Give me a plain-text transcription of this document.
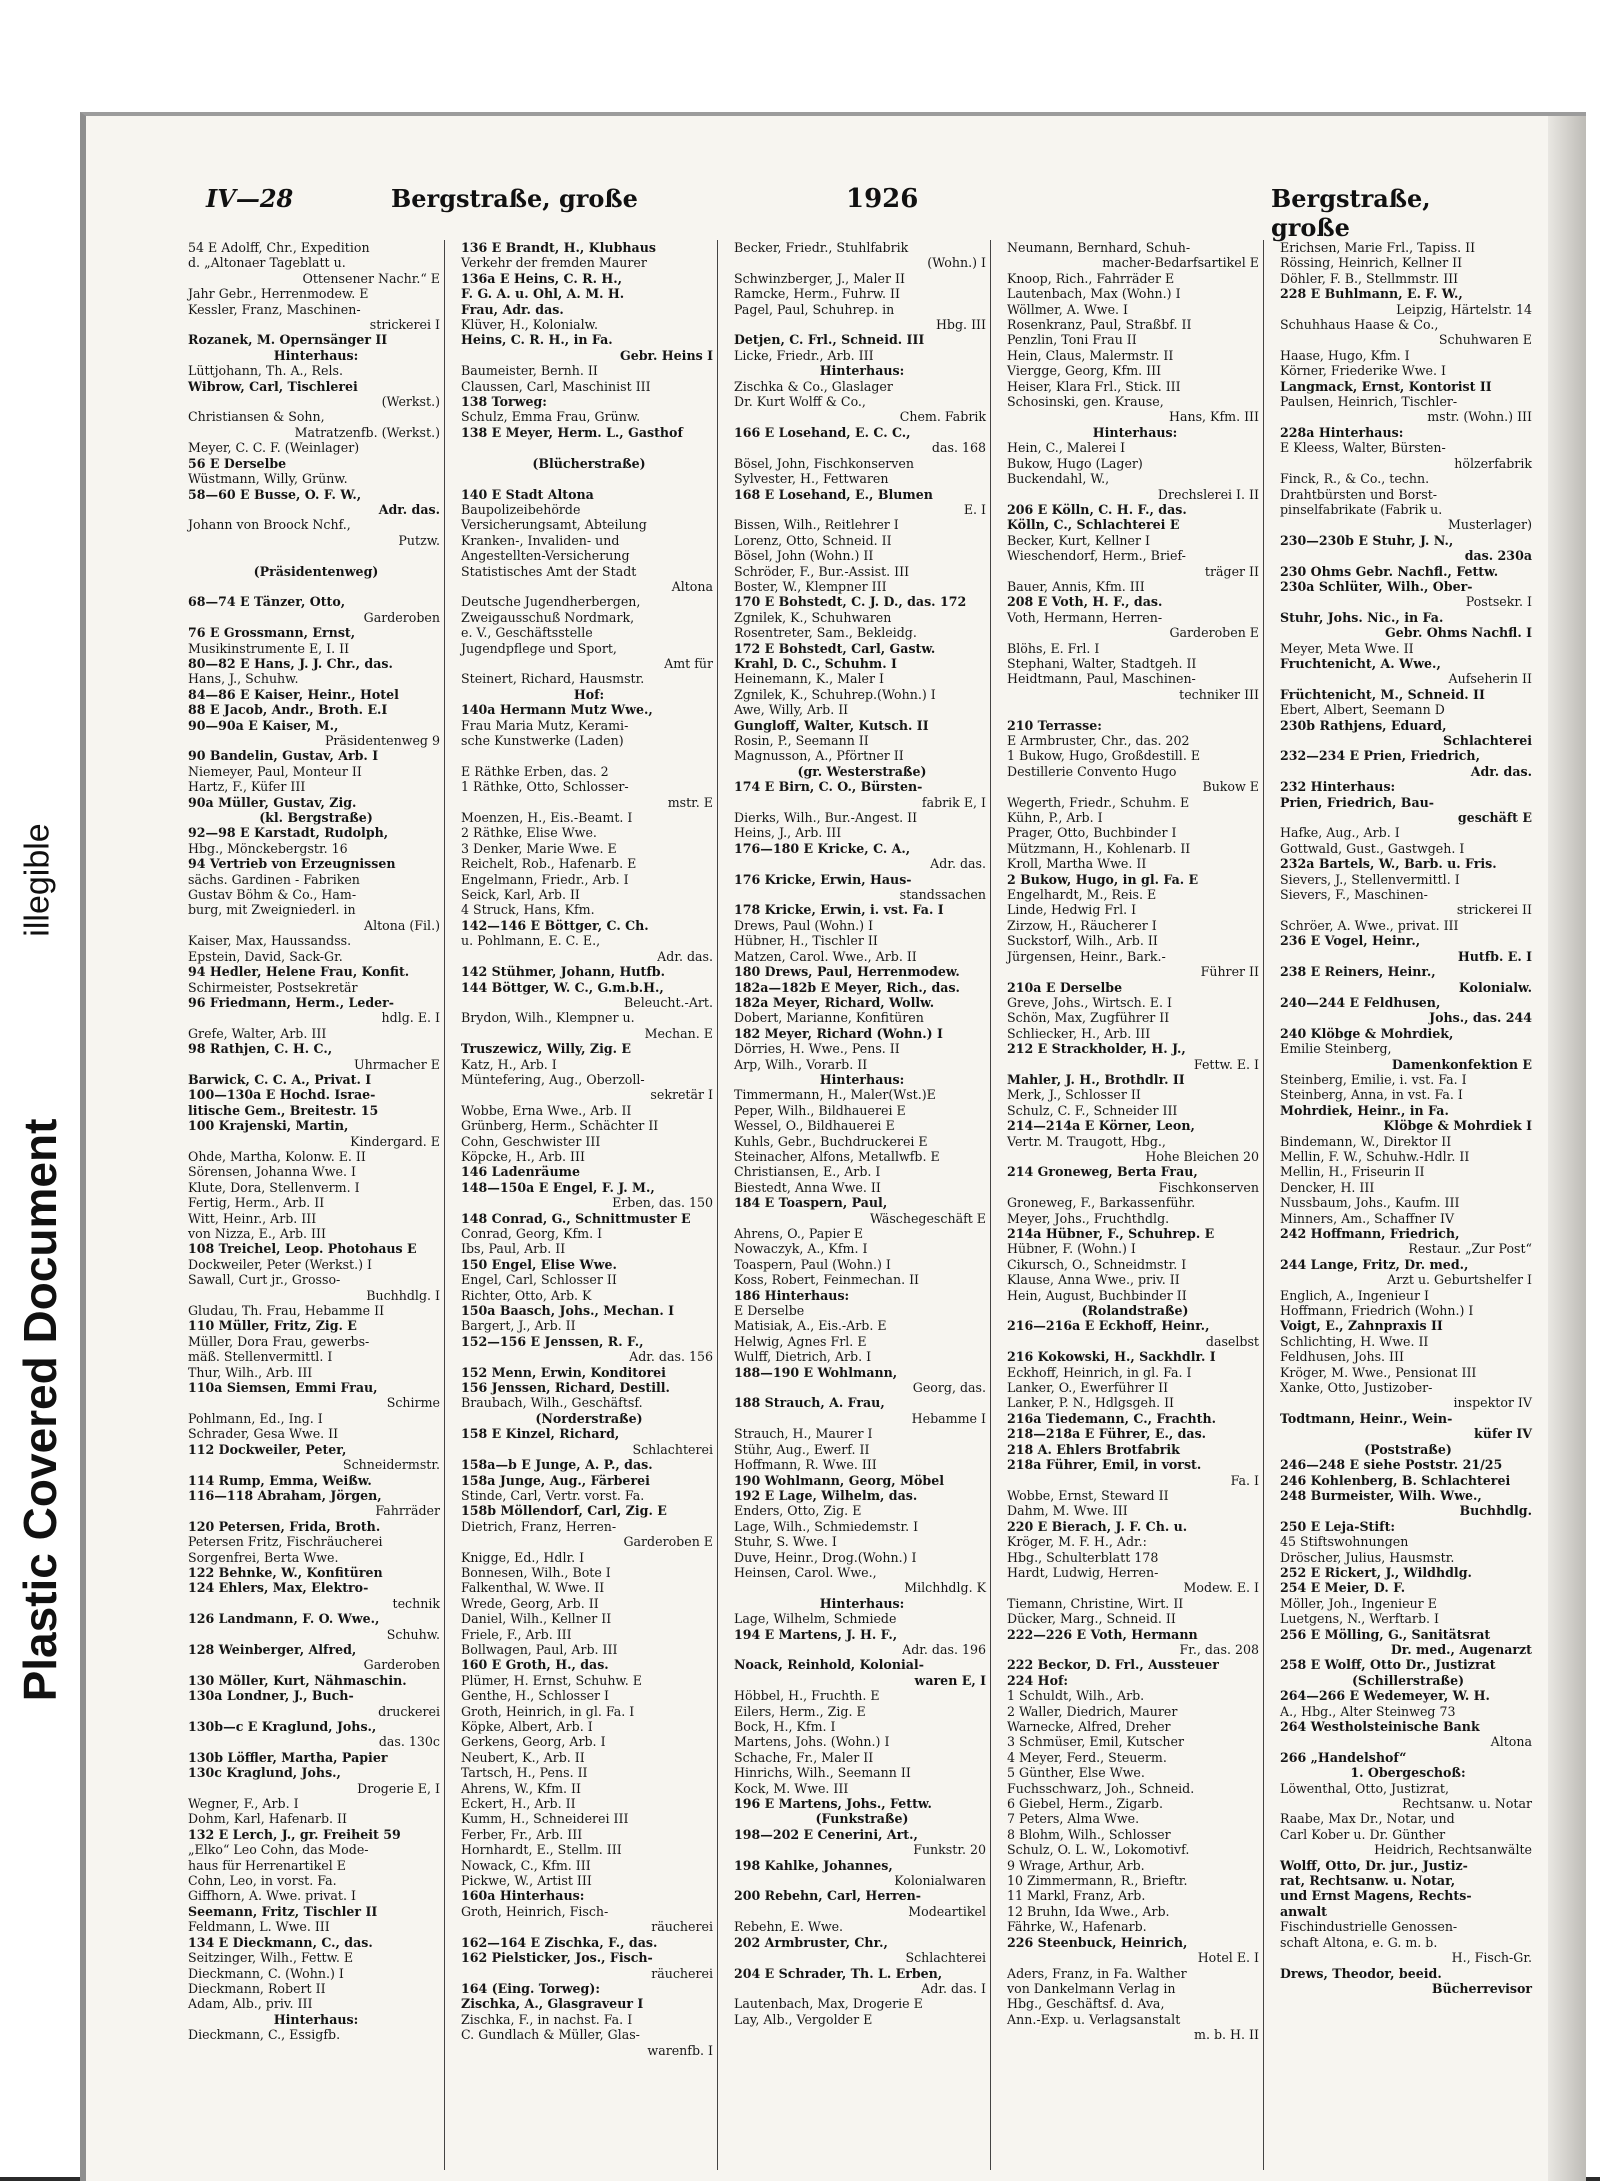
Plastic Covered Document
illegible
IV—28	Bergstraße, große	1926	Bergstraße, große
54 E Adolff, Chr., Expedition
d. „Altonaer Tageblatt u.
Ottensener Nachr.“ E
Jahr Gebr., Herrenmodew. E
Kessler, Franz, Maschinen-
strickerei I
Rozanek, M. Opernsänger II
Hinterhaus:
Lüttjohann, Th. A., Rels.
Wibrow, Carl, Tischlerei
(Werkst.)
Christiansen & Sohn,
Matratzenfb. (Werkst.)
Meyer, C. C. F. (Weinlager)
56 E Derselbe
Wüstmann, Willy, Grünw.
58—60 E Busse, O. F. W.,
Adr. das.
Johann von Broock Nchf.,
Putzw.

(Präsidentenweg)

68—74 E Tänzer, Otto,
Garderoben
76 E Grossmann, Ernst,
Musikinstrumente E, I. II
80—82 E Hans, J. J. Chr., das.
Hans, J., Schuhw.
84—86 E Kaiser, Heinr., Hotel
88 E Jacob, Andr., Broth. E.I
90—90a E Kaiser, M.,
Präsidentenweg 9
90 Bandelin, Gustav, Arb. I
Niemeyer, Paul, Monteur II
Hartz, F., Küfer III
90a Müller, Gustav, Zig.
(kl. Bergstraße)
92—98 E Karstadt, Rudolph,
Hbg., Mönckebergstr. 16
94 Vertrieb von Erzeugnissen
sächs. Gardinen - Fabriken
Gustav Böhm & Co., Ham-
burg, mit Zweigniederl. in
Altona (Fil.)
Kaiser, Max, Haussandss.
Epstein, David, Sack-Gr.
94 Hedler, Helene Frau, Konfit.
Schirmeister, Postsekretär
96 Friedmann, Herm., Leder-
hdlg. E. I
Grefe, Walter, Arb. III
98 Rathjen, C. H. C.,
Uhrmacher E
Barwick, C. C. A., Privat. I
100—130a E Hochd. Israe-
litische Gem., Breitestr. 15
100 Krajenski, Martin,
Kindergard. E
Ohde, Martha, Kolonw. E. II
Sörensen, Johanna Wwe. I
Klute, Dora, Stellenverm. I
Fertig, Herm., Arb. II
Witt, Heinr., Arb. III
von Nizza, E., Arb. III
108 Treichel, Leop. Photohaus E
Dockweiler, Peter (Werkst.) I
Sawall, Curt jr., Grosso-
Buchhdlg. I
Gludau, Th. Frau, Hebamme II
110 Müller, Fritz, Zig. E
Müller, Dora Frau, gewerbs-
mäß. Stellenvermittl. I
Thur, Wilh., Arb. III
110a Siemsen, Emmi Frau,
Schirme
Pohlmann, Ed., Ing. I
Schrader, Gesa Wwe. II
112 Dockweiler, Peter,
Schneidermstr.
114 Rump, Emma, Weißw.
116—118 Abraham, Jörgen,
Fahrräder
120 Petersen, Frida, Broth.
Petersen Fritz, Fischräucherei
Sorgenfrei, Berta Wwe.
122 Behnke, W., Konfitüren
124 Ehlers, Max, Elektro-
technik
126 Landmann, F. O. Wwe.,
Schuhw.
128 Weinberger, Alfred,
Garderoben
130 Möller, Kurt, Nähmaschin.
130a Londner, J., Buch-
druckerei
130b—c E Kraglund, Johs.,
das. 130c
130b Löffler, Martha, Papier
130c Kraglund, Johs.,
Drogerie E, I
Wegner, F., Arb. I
Dohm, Karl, Hafenarb. II
132 E Lerch, J., gr. Freiheit 59
„Elko“ Leo Cohn, das Mode-
haus für Herrenartikel E
Cohn, Leo, in vorst. Fa.
Giffhorn, A. Wwe. privat. I
Seemann, Fritz, Tischler II
Feldmann, L. Wwe. III
134 E Dieckmann, C., das.
Seitzinger, Wilh., Fettw. E
Dieckmann, C. (Wohn.) I
Dieckmann, Robert II
Adam, Alb., priv. III
Hinterhaus:
Dieckmann, C., Essigfb.
136 E Brandt, H., Klubhaus
Verkehr der fremden Maurer
136a E Heins, C. R. H.,
F. G. A. u. Ohl, A. M. H.
Frau, Adr. das.
Klüver, H., Kolonialw.
Heins, C. R. H., in Fa.
Gebr. Heins I
Baumeister, Bernh. II
Claussen, Carl, Maschinist III
138 Torweg:
Schulz, Emma Frau, Grünw.
138 E Meyer, Herm. L., Gasthof

(Blücherstraße)

140 E Stadt Altona
Baupolizeibehörde
Versicherungsamt, Abteilung
Kranken-, Invaliden- und
Angestellten-Versicherung
Statistisches Amt der Stadt
Altona
Deutsche Jugendherbergen,
Zweigausschuß Nordmark,
e. V., Geschäftsstelle
Jugendpflege und Sport,
Amt für
Steinert, Richard, Hausmstr.
Hof:
140a Hermann Mutz Wwe.,
Frau Maria Mutz, Kerami-
sche Kunstwerke (Laden)

E Räthke Erben, das. 2
1 Räthke, Otto, Schlosser-
mstr. E
Moenzen, H., Eis.-Beamt. I
2 Räthke, Elise Wwe.
3 Denker, Marie Wwe. E
Reichelt, Rob., Hafenarb. E
Engelmann, Friedr., Arb. I
Seick, Karl, Arb. II
4 Struck, Hans, Kfm.
142—146 E Böttger, C. Ch.
u. Pohlmann, E. C. E.,
Adr. das.
142 Stühmer, Johann, Hutfb.
144 Böttger, W. C., G.m.b.H.,
Beleucht.-Art.
Brydon, Wilh., Klempner u.
Mechan. E
Truszewicz, Willy, Zig. E
Katz, H., Arb. I
Müntefering, Aug., Oberzoll-
sekretär I
Wobbe, Erna Wwe., Arb. II
Grünberg, Herm., Schächter II
Cohn, Geschwister III
Köpcke, H., Arb. III
146 Ladenräume
148—150a E Engel, F. J. M.,
Erben, das. 150
148 Conrad, G., Schnittmuster E
Conrad, Georg, Kfm. I
Ibs, Paul, Arb. II
150 Engel, Elise Wwe.
Engel, Carl, Schlosser II
Richter, Otto, Arb. K
150a Baasch, Johs., Mechan. I
Bargert, J., Arb. II
152—156 E Jenssen, R. F.,
Adr. das. 156
152 Menn, Erwin, Konditorei
156 Jenssen, Richard, Destill.
Braubach, Wilh., Geschäftsf.
(Norderstraße)
158 E Kinzel, Richard,
Schlachterei
158a—b E Junge, A. P., das.
158a Junge, Aug., Färberei
Stinde, Carl, Vertr. vorst. Fa.
158b Möllendorf, Carl, Zig. E
Dietrich, Franz, Herren-
Garderoben E
Knigge, Ed., Hdlr. I
Bonnesen, Wilh., Bote I
Falkenthal, W. Wwe. II
Wrede, Georg, Arb. II
Daniel, Wilh., Kellner II
Friele, F., Arb. III
Bollwagen, Paul, Arb. III
160 E Groth, H., das.
Plümer, H. Ernst, Schuhw. E
Genthe, H., Schlosser I
Groth, Heinrich, in gl. Fa. I
Köpke, Albert, Arb. I
Gerkens, Georg, Arb. I
Neubert, K., Arb. II
Tartsch, H., Pens. II
Ahrens, W., Kfm. II
Eckert, H., Arb. II
Kumm, H., Schneiderei III
Ferber, Fr., Arb. III
Hornhardt, E., Stellm. III
Nowack, C., Kfm. III
Pickwe, W., Artist III
160a Hinterhaus:
Groth, Heinrich, Fisch-
räucherei
162—164 E Zischka, F., das.
162 Pielsticker, Jos., Fisch-
räucherei
164 (Eing. Torweg):
Zischka, A., Glasgraveur I
Zischka, F., in nachst. Fa. I
C. Gundlach & Müller, Glas-
warenfb. I
Becker, Friedr., Stuhlfabrik
(Wohn.) I
Schwinzberger, J., Maler II
Ramcke, Herm., Fuhrw. II
Pagel, Paul, Schuhrep. in
Hbg. III
Detjen, C. Frl., Schneid. III
Licke, Friedr., Arb. III
Hinterhaus:
Zischka & Co., Glaslager
Dr. Kurt Wolff & Co.,
Chem. Fabrik
166 E Losehand, E. C. C.,
das. 168
Bösel, John, Fischkonserven
Sylvester, H., Fettwaren
168 E Losehand, E., Blumen
E. I
Bissen, Wilh., Reitlehrer I
Lorenz, Otto, Schneid. II
Bösel, John (Wohn.) II
Schröder, F., Bur.-Assist. III
Boster, W., Klempner III
170 E Bohstedt, C. J. D., das. 172
Zgnilek, K., Schuhwaren
Rosentreter, Sam., Bekleidg.
172 E Bohstedt, Carl, Gastw.
Krahl, D. C., Schuhm. I
Heinemann, K., Maler I
Zgnilek, K., Schuhrep.(Wohn.) I
Awe, Willy, Arb. II
Gungloff, Walter, Kutsch. II
Rosin, P., Seemann II
Magnusson, A., Pförtner II
(gr. Westerstraße)
174 E Birn, C. O., Bürsten-
fabrik E, I
Dierks, Wilh., Bur.-Angest. II
Heins, J., Arb. III
176—180 E Kricke, C. A.,
Adr. das.
176 Kricke, Erwin, Haus-
standssachen
178 Kricke, Erwin, i. vst. Fa. I
Drews, Paul (Wohn.) I
Hübner, H., Tischler II
Matzen, Carol. Wwe., Arb. II
180 Drews, Paul, Herrenmodew.
182a—182b E Meyer, Rich., das.
182a Meyer, Richard, Wollw.
Dobert, Marianne, Konfitüren
182 Meyer, Richard (Wohn.) I
Dörries, H. Wwe., Pens. II
Arp, Wilh., Vorarb. II
Hinterhaus:
Timmermann, H., Maler(Wst.)E
Peper, Wilh., Bildhauerei E
Wessel, O., Bildhauerei E
Kuhls, Gebr., Buchdruckerei E
Steinacher, Alfons, Metallwfb. E
Christiansen, E., Arb. I
Biestedt, Anna Wwe. II
184 E Toaspern, Paul,
Wäschegeschäft E
Ahrens, O., Papier E
Nowaczyk, A., Kfm. I
Toaspern, Paul (Wohn.) I
Koss, Robert, Feinmechan. II
186 Hinterhaus:
E Derselbe
Matisiak, A., Eis.-Arb. E
Helwig, Agnes Frl. E
Wulff, Dietrich, Arb. I
188—190 E Wohlmann,
Georg, das.
188 Strauch, A. Frau,
Hebamme I
Strauch, H., Maurer I
Stühr, Aug., Ewerf. II
Hoffmann, R. Wwe. III
190 Wohlmann, Georg, Möbel
192 E Lage, Wilhelm, das.
Enders, Otto, Zig. E
Lage, Wilh., Schmiedemstr. I
Stuhr, S. Wwe. I
Duve, Heinr., Drog.(Wohn.) I
Heinsen, Carol. Wwe.,
Milchhdlg. K
Hinterhaus:
Lage, Wilhelm, Schmiede
194 E Martens, J. H. F.,
Adr. das. 196
Noack, Reinhold, Kolonial-
waren E, I
Höbbel, H., Fruchth. E
Eilers, Herm., Zig. E
Bock, H., Kfm. I
Martens, Johs. (Wohn.) I
Schache, Fr., Maler II
Hinrichs, Wilh., Seemann II
Kock, M. Wwe. III
196 E Martens, Johs., Fettw.
(Funkstraße)
198—202 E Cenerini, Art.,
Funkstr. 20
198 Kahlke, Johannes,
Kolonialwaren
200 Rebehn, Carl, Herren-
Modeartikel
Rebehn, E. Wwe.
202 Armbruster, Chr.,
Schlachterei
204 E Schrader, Th. L. Erben,
Adr. das. I
Lautenbach, Max, Drogerie E
Lay, Alb., Vergolder E
Neumann, Bernhard, Schuh-
macher-Bedarfsartikel E
Knoop, Rich., Fahrräder E
Lautenbach, Max (Wohn.) I
Wöllmer, A. Wwe. I
Rosenkranz, Paul, Straßbf. II
Penzlin, Toni Frau II
Hein, Claus, Malermstr. II
Viergge, Georg, Kfm. III
Heiser, Klara Frl., Stick. III
Schosinski, gen. Krause,
Hans, Kfm. III
Hinterhaus:
Hein, C., Malerei I
Bukow, Hugo (Lager)
Buckendahl, W.,
Drechslerei I. II
206 E Kölln, C. H. F., das.
Kölln, C., Schlachterei E
Becker, Kurt, Kellner I
Wieschendorf, Herm., Brief-
träger II
Bauer, Annis, Kfm. III
208 E Voth, H. F., das.
Voth, Hermann, Herren-
Garderoben E
Blöhs, E. Frl. I
Stephani, Walter, Stadtgeh. II
Heidtmann, Paul, Maschinen-
techniker III

210 Terrasse:
E Armbruster, Chr., das. 202
1 Bukow, Hugo, Großdestill. E
Destillerie Convento Hugo
Bukow E
Wegerth, Friedr., Schuhm. E
Kühn, P., Arb. I
Prager, Otto, Buchbinder I
Mützmann, H., Kohlenarb. II
Kroll, Martha Wwe. II
2 Bukow, Hugo, in gl. Fa. E
Engelhardt, M., Reis. E
Linde, Hedwig Frl. I
Zirzow, H., Räucherer I
Suckstorf, Wilh., Arb. II
Jürgensen, Heinr., Bark.-
Führer II
210a E Derselbe
Greve, Johs., Wirtsch. E. I
Schön, Max, Zugführer II
Schliecker, H., Arb. III
212 E Strackholder, H. J.,
Fettw. E. I
Mahler, J. H., Brothdlr. II
Merk, J., Schlosser II
Schulz, C. F., Schneider III
214—214a E Körner, Leon,
Vertr. M. Traugott, Hbg.,
Hohe Bleichen 20
214 Groneweg, Berta Frau,
Fischkonserven
Groneweg, F., Barkassenführ.
Meyer, Johs., Fruchthdlg.
214a Hübner, F., Schuhrep. E
Hübner, F. (Wohn.) I
Cikursch, O., Schneidmstr. I
Klause, Anna Wwe., priv. II
Hein, August, Buchbinder II
(Rolandstraße)
216—216a E Eckhoff, Heinr.,
daselbst
216 Kokowski, H., Sackhdlr. I
Eckhoff, Heinrich, in gl. Fa. I
Lanker, O., Ewerführer II
Lanker, P. N., Hdlgsgeh. II
216a Tiedemann, C., Frachth.
218—218a E Führer, E., das.
218 A. Ehlers Brotfabrik
218a Führer, Emil, in vorst.
Fa. I
Wobbe, Ernst, Steward II
Dahm, M. Wwe. III
220 E Bierach, J. F. Ch. u.
Kröger, M. F. H., Adr.:
Hbg., Schulterblatt 178
Hardt, Ludwig, Herren-
Modew. E. I
Tiemann, Christine, Wirt. II
Dücker, Marg., Schneid. II
222—226 E Voth, Hermann
Fr., das. 208
222 Beckor, D. Frl., Aussteuer
224 Hof:
1 Schuldt, Wilh., Arb.
2 Waller, Diedrich, Maurer
Warnecke, Alfred, Dreher
3 Schmüser, Emil, Kutscher
4 Meyer, Ferd., Steuerm.
5 Günther, Else Wwe.
Fuchsschwarz, Joh., Schneid.
6 Giebel, Herm., Zigarb.
7 Peters, Alma Wwe.
8 Blohm, Wilh., Schlosser
Schulz, O. L. W., Lokomotivf.
9 Wrage, Arthur, Arb.
10 Zimmermann, R., Brieftr.
11 Markl, Franz, Arb.
12 Bruhn, Ida Wwe., Arb.
Fährke, W., Hafenarb.
226 Steenbuck, Heinrich,
Hotel E. I
Aders, Franz, in Fa. Walther
von Dankelmann Verlag in
Hbg., Geschäftsf. d. Ava,
Ann.-Exp. u. Verlagsanstalt
m. b. H. II
Erichsen, Marie Frl., Tapiss. II
Rössing, Heinrich, Kellner II
Döhler, F. B., Stellmmstr. III
228 E Buhlmann, E. F. W.,
Leipzig, Härtelstr. 14
Schuhhaus Haase & Co.,
Schuhwaren E
Haase, Hugo, Kfm. I
Körner, Friederike Wwe. I
Langmack, Ernst, Kontorist II
Paulsen, Heinrich, Tischler-
mstr. (Wohn.) III
228a Hinterhaus:
E Kleess, Walter, Bürsten-
hölzerfabrik
Finck, R., & Co., techn.
Drahtbürsten und Borst-
pinselfabrikate (Fabrik u.
Musterlager)
230—230b E Stuhr, J. N.,
das. 230a
230 Ohms Gebr. Nachfl., Fettw.
230a Schlüter, Wilh., Ober-
Postsekr. I
Stuhr, Johs. Nic., in Fa.
Gebr. Ohms Nachfl. I
Meyer, Meta Wwe. II
Fruchtenicht, A. Wwe.,
Aufseherin II
Früchtenicht, M., Schneid. II
Ebert, Albert, Seemann D
230b Rathjens, Eduard,
Schlachterei
232—234 E Prien, Friedrich,
Adr. das.
232 Hinterhaus:
Prien, Friedrich, Bau-
geschäft E
Hafke, Aug., Arb. I
Gottwald, Gust., Gastwgeh. I
232a Bartels, W., Barb. u. Fris.
Sievers, J., Stellenvermittl. I
Sievers, F., Maschinen-
strickerei II
Schröer, A. Wwe., privat. III
236 E Vogel, Heinr.,
Hutfb. E. I
238 E Reiners, Heinr.,
Kolonialw.
240—244 E Feldhusen,
Johs., das. 244
240 Klöbge & Mohrdiek,
Emilie Steinberg,
Damenkonfektion E
Steinberg, Emilie, i. vst. Fa. I
Steinberg, Anna, in vst. Fa. I
Mohrdiek, Heinr., in Fa.
Klöbge & Mohrdiek I
Bindemann, W., Direktor II
Mellin, F. W., Schuhw.-Hdlr. II
Mellin, H., Friseurin II
Dencker, H. III
Nussbaum, Johs., Kaufm. III
Minners, Am., Schaffner IV
242 Hoffmann, Friedrich,
Restaur. „Zur Post“
244 Lange, Fritz, Dr. med.,
Arzt u. Geburtshelfer I
Englich, A., Ingenieur I
Hoffmann, Friedrich (Wohn.) I
Voigt, E., Zahnpraxis II
Schlichting, H. Wwe. II
Feldhusen, Johs. III
Kröger, M. Wwe., Pensionat III
Xanke, Otto, Justizober-
inspektor IV
Todtmann, Heinr., Wein-
küfer IV
(Poststraße)
246—248 E siehe Poststr. 21/25
246 Kohlenberg, B. Schlachterei
248 Burmeister, Wilh. Wwe.,
Buchhdlg.
250 E Leja-Stift:
45 Stiftswohnungen
Dröscher, Julius, Hausmstr.
252 E Rickert, J., Wildhdlg.
254 E Meier, D. F.
Möller, Joh., Ingenieur E
Luetgens, N., Werftarb. I
256 E Mölling, G., Sanitätsrat
Dr. med., Augenarzt
258 E Wolff, Otto Dr., Justizrat
(Schillerstraße)
264—266 E Wedemeyer, W. H.
A., Hbg., Alter Steinweg 73
264 Westholsteinische Bank
Altona
266 „Handelshof“
1. Obergeschoß:
Löwenthal, Otto, Justizrat,
Rechtsanw. u. Notar
Raabe, Max Dr., Notar, und
Carl Kober u. Dr. Günther
Heidrich, Rechtsanwälte
Wolff, Otto, Dr. jur., Justiz-
rat, Rechtsanw. u. Notar,
und Ernst Magens, Rechts-
anwalt
Fischindustrielle Genossen-
schaft Altona, e. G. m. b.
H., Fisch-Gr.
Drews, Theodor, beeid.
Bücherrevisor
